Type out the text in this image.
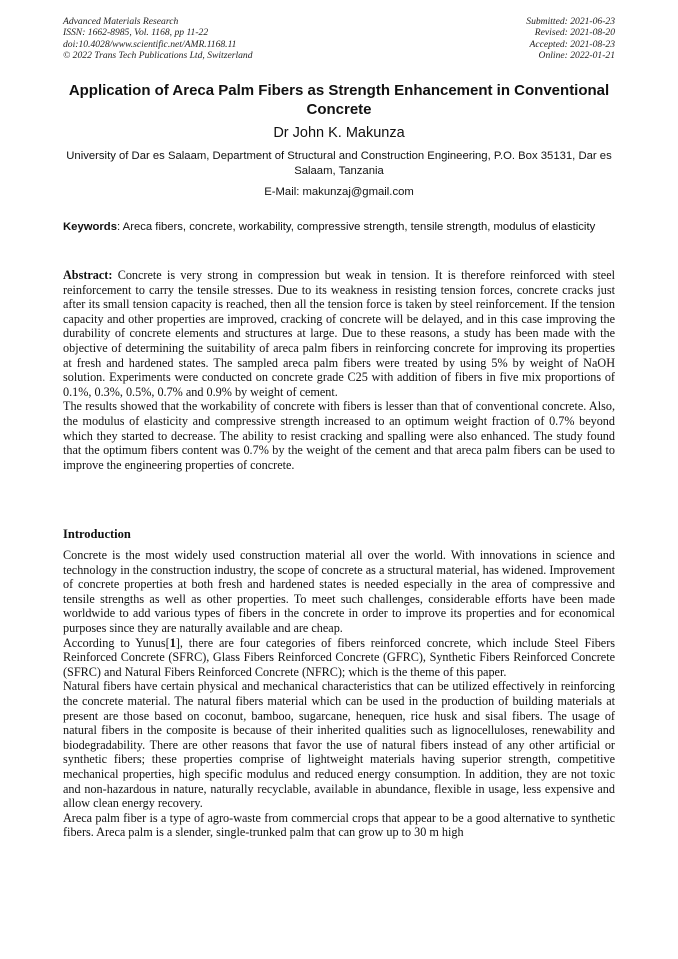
Advanced Materials Research
ISSN: 1662-8985, Vol. 1168, pp 11-22
doi:10.4028/www.scientific.net/AMR.1168.11
© 2022 Trans Tech Publications Ltd, Switzerland
Submitted: 2021-06-23
Revised: 2021-08-20
Accepted: 2021-08-23
Online: 2022-01-21
Application of Areca Palm Fibers as Strength Enhancement in Conventional Concrete
Dr John K. Makunza
University of Dar es Salaam, Department of Structural and Construction Engineering, P.O. Box 35131, Dar es Salaam, Tanzania
E-Mail: makunzaj@gmail.com
Keywords: Areca fibers, concrete, workability, compressive strength, tensile strength, modulus of elasticity

Abstract: Concrete is very strong in compression but weak in tension. It is therefore reinforced with steel reinforcement to carry the tensile stresses. Due to its weakness in resisting tension forces, concrete cracks just after its small tension capacity is reached, then all the tension force is taken by steel reinforcement. If the tension capacity and other properties are improved, cracking of concrete will be delayed, and in this case improving the durability of concrete elements and structures at large. Due to these reasons, a study has been made with the objective of determining the suitability of areca palm fibers in reinforcing concrete for improving its properties at fresh and hardened states. The sampled areca palm fibers were treated by using 5% by weight of NaOH solution. Experiments were conducted on concrete grade C25 with addition of fibers in five mix proportions of 0.1%, 0.3%, 0.5%, 0.7% and 0.9% by weight of cement.

The results showed that the workability of concrete with fibers is lesser than that of conventional concrete. Also, the modulus of elasticity and compressive strength increased to an optimum weight fraction of 0.7% beyond which they started to decrease. The ability to resist cracking and spalling were also enhanced. The study found that the optimum fibers content was 0.7% by the weight of the cement and that areca palm fibers can be used to improve the engineering properties of concrete.

Introduction

Concrete is the most widely used construction material all over the world. With innovations in science and technology in the construction industry, the scope of concrete as a structural material, has widened. Improvement of concrete properties at both fresh and hardened states is needed especially in the area of compressive and tensile strengths as well as other properties. To meet such challenges, considerable efforts have been made worldwide to add various types of fibers in the concrete in order to improve its properties and for economical purposes since they are naturally available and are cheap.

According to Yunus[1], there are four categories of fibers reinforced concrete, which include Steel Fibers Reinforced Concrete (SFRC), Glass Fibers Reinforced Concrete (GFRC), Synthetic Fibers Reinforced Concrete (SFRC) and Natural Fibers Reinforced Concrete (NFRC); which is the theme of this paper.

Natural fibers have certain physical and mechanical characteristics that can be utilized effectively in reinforcing the concrete material. The natural fibers material which can be used in the production of building materials at present are those based on coconut, bamboo, sugarcane, henequen, rice husk and sisal fibers. The usage of natural fibers in the composite is because of their inherited qualities such as lignocelluloses, renewability and biodegradability. There are other reasons that favor the use of natural fibers instead of any other artificial or synthetic fibers; these properties comprise of lightweight materials having superior strength, competitive mechanical properties, high specific modulus and reduced energy consumption. In addition, they are not toxic and non-hazardous in nature, naturally recyclable, available in abundance, flexible in usage, less expensive and allow clean energy recovery.

Areca palm fiber is a type of agro-waste from commercial crops that appear to be a good alternative to synthetic fibers. Areca palm is a slender, single-trunked palm that can grow up to 30 m high
